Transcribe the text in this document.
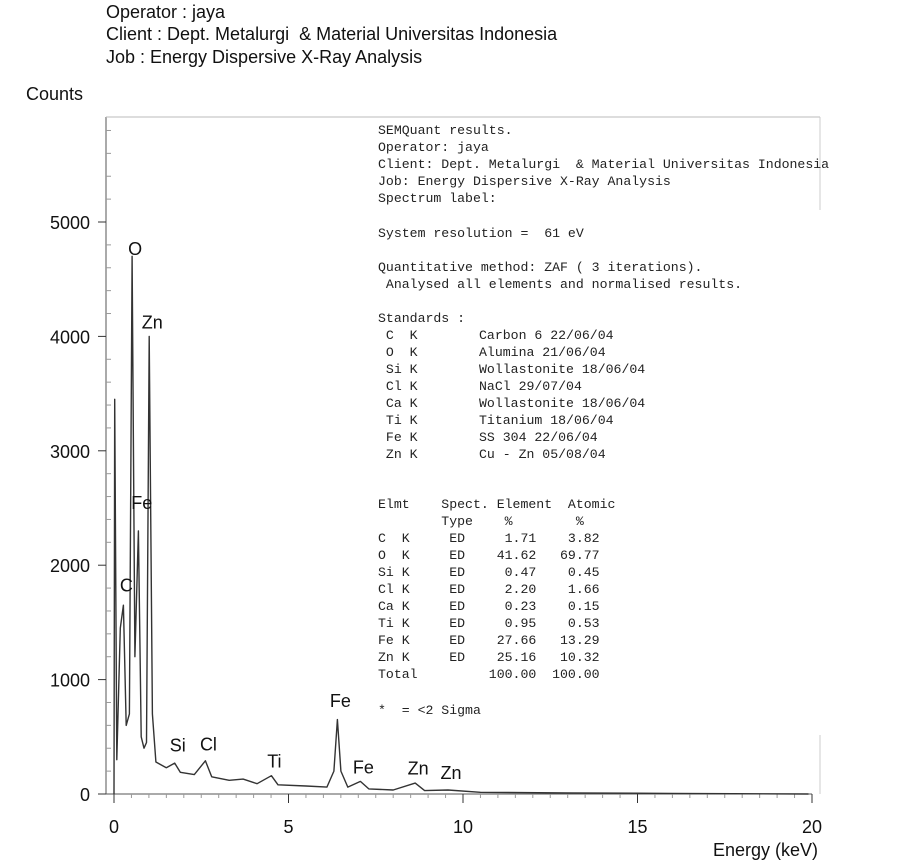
Operator : jaya
Client : Dept. Metalurgi  & Material Universitas Indonesia
Job : Energy Dispersive X-Ray Analysis
Counts
Energy (keV)
0
1000
2000
3000
4000
5000
0	5	10	15	20
O
Zn
Fe
C
Si Cl
Ti
Fe
Fe Zn Zn
SEMQuant results.
Operator: jaya
Client: Dept. Metalurgi  & Material Universitas Indonesia
Job: Energy Dispersive X-Ray Analysis
Spectrum label:
System resolution =  61 eV
Quantitative method: ZAF ( 3 iterations).
Analysed all elements and normalised results.
Standards :
C  K	Carbon 6 22/06/04
O  K	Alumina 21/06/04
Si K	Wollastonite 18/06/04
Cl K	NaCl 29/07/04
Ca K	Wollastonite 18/06/04
Ti K	Titanium 18/06/04
Fe K	SS 304 22/06/04
Zn K	Cu - Zn 05/08/04
Elmt    Spect. Element  Atomic
Type    %        %
C  K     ED     1.71    3.82
O  K     ED    41.62   69.77
Si K     ED     0.47    0.45
Cl K     ED     2.20    1.66
Ca K     ED     0.23    0.15
Ti K     ED     0.95    0.53
Fe K     ED    27.66   13.29
Zn K     ED    25.16   10.32
Total         100.00  100.00
*  = <2 Sigma
